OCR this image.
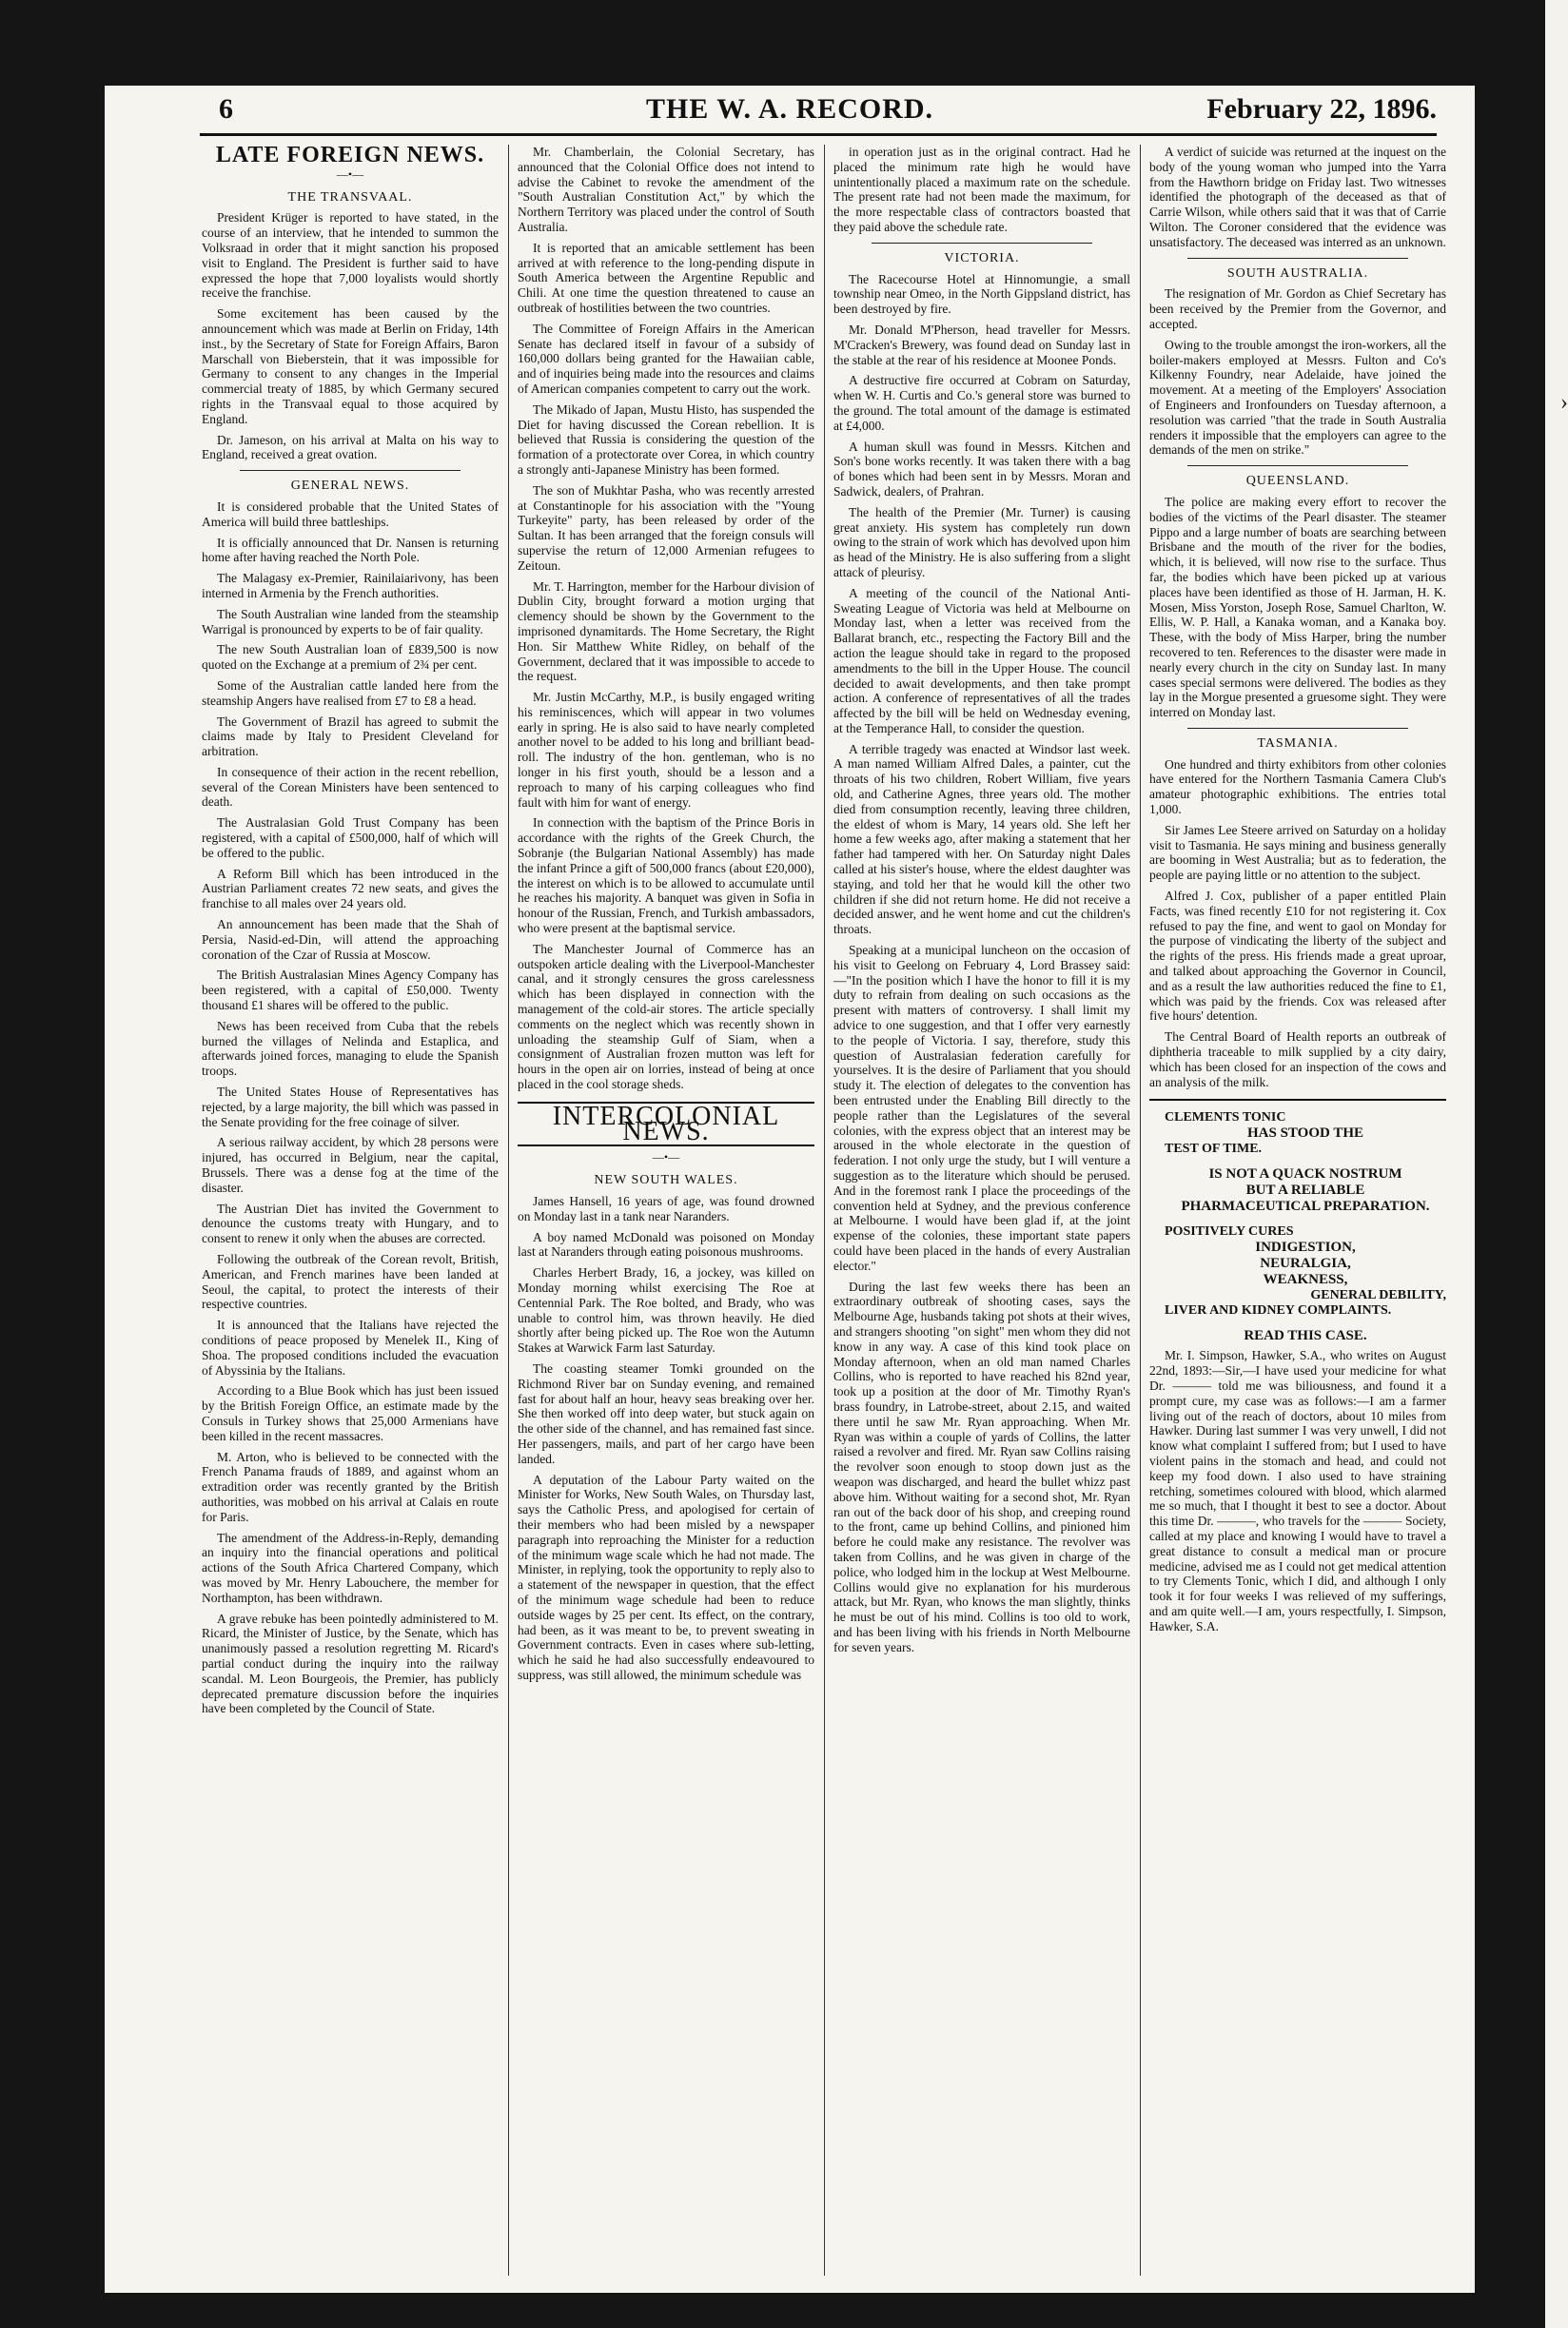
6	THE W. A. RECORD.	February 22, 1896.
LATE FOREIGN NEWS.
—•—
THE TRANSVAAL.

President Krüger is reported to have stated, in the course of an interview, that he intended to summon the Volksraad in order that it might sanction his proposed visit to England. The President is further said to have expressed the hope that 7,000 loyalists would shortly receive the franchise.

Some excitement has been caused by the announcement which was made at Berlin on Friday, 14th inst., by the Secretary of State for Foreign Affairs, Baron Marschall von Bieberstein, that it was impossible for Germany to consent to any changes in the Imperial commercial treaty of 1885, by which Germany secured rights in the Transvaal equal to those acquired by England.

Dr. Jameson, on his arrival at Malta on his way to England, received a great ovation.

GENERAL NEWS.

It is considered probable that the United States of America will build three battleships.

It is officially announced that Dr. Nansen is returning home after having reached the North Pole.

The Malagasy ex-Premier, Rainilaiarivony, has been interned in Armenia by the French authorities.

The South Australian wine landed from the steamship Warrigal is pronounced by experts to be of fair quality.

The new South Australian loan of £839,500 is now quoted on the Exchange at a premium of 2¾ per cent.

Some of the Australian cattle landed here from the steamship Angers have realised from £7 to £8 a head.

The Government of Brazil has agreed to submit the claims made by Italy to President Cleveland for arbitration.

In consequence of their action in the recent rebellion, several of the Corean Ministers have been sentenced to death.

The Australasian Gold Trust Company has been registered, with a capital of £500,000, half of which will be offered to the public.

A Reform Bill which has been introduced in the Austrian Parliament creates 72 new seats, and gives the franchise to all males over 24 years old.

An announcement has been made that the Shah of Persia, Nasid-ed-Din, will attend the approaching coronation of the Czar of Russia at Moscow.

The British Australasian Mines Agency Company has been registered, with a capital of £50,000. Twenty thousand £1 shares will be offered to the public.

News has been received from Cuba that the rebels burned the villages of Nelinda and Estaplica, and afterwards joined forces, managing to elude the Spanish troops.

The United States House of Representatives has rejected, by a large majority, the bill which was passed in the Senate providing for the free coinage of silver.

A serious railway accident, by which 28 persons were injured, has occurred in Belgium, near the capital, Brussels. There was a dense fog at the time of the disaster.

The Austrian Diet has invited the Government to denounce the customs treaty with Hungary, and to consent to renew it only when the abuses are corrected.

Following the outbreak of the Corean revolt, British, American, and French marines have been landed at Seoul, the capital, to protect the interests of their respective countries.

It is announced that the Italians have rejected the conditions of peace proposed by Menelek II., King of Shoa. The proposed conditions included the evacuation of Abyssinia by the Italians.

According to a Blue Book which has just been issued by the British Foreign Office, an estimate made by the Consuls in Turkey shows that 25,000 Armenians have been killed in the recent massacres.

M. Arton, who is believed to be connected with the French Panama frauds of 1889, and against whom an extradition order was recently granted by the British authorities, was mobbed on his arrival at Calais en route for Paris.

The amendment of the Address-in-Reply, demanding an inquiry into the financial operations and political actions of the South Africa Chartered Company, which was moved by Mr. Henry Labouchere, the member for Northampton, has been withdrawn.

A grave rebuke has been pointedly administered to M. Ricard, the Minister of Justice, by the Senate, which has unanimously passed a resolution regretting M. Ricard's partial conduct during the inquiry into the railway scandal. M. Leon Bourgeois, the Premier, has publicly deprecated premature discussion before the inquiries have been completed by the Council of State.

Mr. Chamberlain, the Colonial Secretary, has announced that the Colonial Office does not intend to advise the Cabinet to revoke the amendment of the "South Australian Constitution Act," by which the Northern Territory was placed under the control of South Australia.

It is reported that an amicable settlement has been arrived at with reference to the long-pending dispute in South America between the Argentine Republic and Chili. At one time the question threatened to cause an outbreak of hostilities between the two countries.

The Committee of Foreign Affairs in the American Senate has declared itself in favour of a subsidy of 160,000 dollars being granted for the Hawaiian cable, and of inquiries being made into the resources and claims of American companies competent to carry out the work.

The Mikado of Japan, Mustu Histo, has suspended the Diet for having discussed the Corean rebellion. It is believed that Russia is considering the question of the formation of a protectorate over Corea, in which country a strongly anti-Japanese Ministry has been formed.

The son of Mukhtar Pasha, who was recently arrested at Constantinople for his association with the "Young Turkeyite" party, has been released by order of the Sultan. It has been arranged that the foreign consuls will supervise the return of 12,000 Armenian refugees to Zeitoun.

Mr. T. Harrington, member for the Harbour division of Dublin City, brought forward a motion urging that clemency should be shown by the Government to the imprisoned dynamitards. The Home Secretary, the Right Hon. Sir Matthew White Ridley, on behalf of the Government, declared that it was impossible to accede to the request.

Mr. Justin McCarthy, M.P., is busily engaged writing his reminiscences, which will appear in two volumes early in spring. He is also said to have nearly completed another novel to be added to his long and brilliant bead-roll. The industry of the hon. gentleman, who is no longer in his first youth, should be a lesson and a reproach to many of his carping colleagues who find fault with him for want of energy.

In connection with the baptism of the Prince Boris in accordance with the rights of the Greek Church, the Sobranje (the Bulgarian National Assembly) has made the infant Prince a gift of 500,000 francs (about £20,000), the interest on which is to be allowed to accumulate until he reaches his majority. A banquet was given in Sofia in honour of the Russian, French, and Turkish ambassadors, who were present at the baptismal service.

The Manchester Journal of Commerce has an outspoken article dealing with the Liverpool-Manchester canal, and it strongly censures the gross carelessness which has been displayed in connection with the management of the cold-air stores. The article specially comments on the neglect which was recently shown in unloading the steamship Gulf of Siam, when a consignment of Australian frozen mutton was left for hours in the open air on lorries, instead of being at once placed in the cool storage sheds.

INTERCOLONIAL NEWS.
—•—
NEW SOUTH WALES.

James Hansell, 16 years of age, was found drowned on Monday last in a tank near Naranders.

A boy named McDonald was poisoned on Monday last at Naranders through eating poisonous mushrooms.

Charles Herbert Brady, 16, a jockey, was killed on Monday morning whilst exercising The Roe at Centennial Park. The Roe bolted, and Brady, who was unable to control him, was thrown heavily. He died shortly after being picked up. The Roe won the Autumn Stakes at Warwick Farm last Saturday.

The coasting steamer Tomki grounded on the Richmond River bar on Sunday evening, and remained fast for about half an hour, heavy seas breaking over her. She then worked off into deep water, but stuck again on the other side of the channel, and has remained fast since. Her passengers, mails, and part of her cargo have been landed.

A deputation of the Labour Party waited on the Minister for Works, New South Wales, on Thursday last, says the Catholic Press, and apologised for certain of their members who had been misled by a newspaper paragraph into reproaching the Minister for a reduction of the minimum wage scale which he had not made. The Minister, in replying, took the opportunity to reply also to a statement of the newspaper in question, that the effect of the minimum wage schedule had been to reduce outside wages by 25 per cent. Its effect, on the contrary, had been, as it was meant to be, to prevent sweating in Government contracts. Even in cases where sub-letting, which he said he had also successfully endeavoured to suppress, was still allowed, the minimum schedule was

in operation just as in the original contract. Had he placed the minimum rate high he would have unintentionally placed a maximum rate on the schedule. The present rate had not been made the maximum, for the more respectable class of contractors boasted that they paid above the schedule rate.

VICTORIA.

The Racecourse Hotel at Hinnomungie, a small township near Omeo, in the North Gippsland district, has been destroyed by fire.

Mr. Donald M'Pherson, head traveller for Messrs. M'Cracken's Brewery, was found dead on Sunday last in the stable at the rear of his residence at Moonee Ponds.

A destructive fire occurred at Cobram on Saturday, when W. H. Curtis and Co.'s general store was burned to the ground. The total amount of the damage is estimated at £4,000.

A human skull was found in Messrs. Kitchen and Son's bone works recently. It was taken there with a bag of bones which had been sent in by Messrs. Moran and Sadwick, dealers, of Prahran.

The health of the Premier (Mr. Turner) is causing great anxiety. His system has completely run down owing to the strain of work which has devolved upon him as head of the Ministry. He is also suffering from a slight attack of pleurisy.

A meeting of the council of the National Anti-Sweating League of Victoria was held at Melbourne on Monday last, when a letter was received from the Ballarat branch, etc., respecting the Factory Bill and the action the league should take in regard to the proposed amendments to the bill in the Upper House. The council decided to await developments, and then take prompt action. A conference of representatives of all the trades affected by the bill will be held on Wednesday evening, at the Temperance Hall, to consider the question.

A terrible tragedy was enacted at Windsor last week. A man named William Alfred Dales, a painter, cut the throats of his two children, Robert William, five years old, and Catherine Agnes, three years old. The mother died from consumption recently, leaving three children, the eldest of whom is Mary, 14 years old. She left her home a few weeks ago, after making a statement that her father had tampered with her. On Saturday night Dales called at his sister's house, where the eldest daughter was staying, and told her that he would kill the other two children if she did not return home. He did not receive a decided answer, and he went home and cut the children's throats.

Speaking at a municipal luncheon on the occasion of his visit to Geelong on February 4, Lord Brassey said:—"In the position which I have the honor to fill it is my duty to refrain from dealing on such occasions as the present with matters of controversy. I shall limit my advice to one suggestion, and that I offer very earnestly to the people of Victoria. I say, therefore, study this question of Australasian federation carefully for yourselves. It is the desire of Parliament that you should study it. The election of delegates to the convention has been entrusted under the Enabling Bill directly to the people rather than the Legislatures of the several colonies, with the express object that an interest may be aroused in the whole electorate in the question of federation. I not only urge the study, but I will venture a suggestion as to the literature which should be perused. And in the foremost rank I place the proceedings of the convention held at Sydney, and the previous conference at Melbourne. I would have been glad if, at the joint expense of the colonies, these important state papers could have been placed in the hands of every Australian elector."

During the last few weeks there has been an extraordinary outbreak of shooting cases, says the Melbourne Age, husbands taking pot shots at their wives, and strangers shooting "on sight" men whom they did not know in any way. A case of this kind took place on Monday afternoon, when an old man named Charles Collins, who is reported to have reached his 82nd year, took up a position at the door of Mr. Timothy Ryan's brass foundry, in Latrobe-street, about 2.15, and waited there until he saw Mr. Ryan approaching. When Mr. Ryan was within a couple of yards of Collins, the latter raised a revolver and fired. Mr. Ryan saw Collins raising the revolver soon enough to stoop down just as the weapon was discharged, and heard the bullet whizz past above him. Without waiting for a second shot, Mr. Ryan ran out of the back door of his shop, and creeping round to the front, came up behind Collins, and pinioned him before he could make any resistance. The revolver was taken from Collins, and he was given in charge of the police, who lodged him in the lockup at West Melbourne. Collins would give no explanation for his murderous attack, but Mr. Ryan, who knows the man slightly, thinks he must be out of his mind. Collins is too old to work, and has been living with his friends in North Melbourne for seven years.

A verdict of suicide was returned at the inquest on the body of the young woman who jumped into the Yarra from the Hawthorn bridge on Friday last. Two witnesses identified the photograph of the deceased as that of Carrie Wilson, while others said that it was that of Carrie Wilton. The Coroner considered that the evidence was unsatisfactory. The deceased was interred as an unknown.

SOUTH AUSTRALIA.

The resignation of Mr. Gordon as Chief Secretary has been received by the Premier from the Governor, and accepted.

Owing to the trouble amongst the iron-workers, all the boiler-makers employed at Messrs. Fulton and Co's Kilkenny Foundry, near Adelaide, have joined the movement. At a meeting of the Employers' Association of Engineers and Ironfounders on Tuesday afternoon, a resolution was carried "that the trade in South Australia renders it impossible that the employers can agree to the demands of the men on strike."

QUEENSLAND.

The police are making every effort to recover the bodies of the victims of the Pearl disaster. The steamer Pippo and a large number of boats are searching between Brisbane and the mouth of the river for the bodies, which, it is believed, will now rise to the surface. Thus far, the bodies which have been picked up at various places have been identified as those of H. Jarman, H. K. Mosen, Miss Yorston, Joseph Rose, Samuel Charlton, W. Ellis, W. P. Hall, a Kanaka woman, and a Kanaka boy. These, with the body of Miss Harper, bring the number recovered to ten. References to the disaster were made in nearly every church in the city on Sunday last. In many cases special sermons were delivered. The bodies as they lay in the Morgue presented a gruesome sight. They were interred on Monday last.

TASMANIA.

One hundred and thirty exhibitors from other colonies have entered for the Northern Tasmania Camera Club's amateur photographic exhibitions. The entries total 1,000.

Sir James Lee Steere arrived on Saturday on a holiday visit to Tasmania. He says mining and business generally are booming in West Australia; but as to federation, the people are paying little or no attention to the subject.

Alfred J. Cox, publisher of a paper entitled Plain Facts, was fined recently £10 for not registering it. Cox refused to pay the fine, and went to gaol on Monday for the purpose of vindicating the liberty of the subject and the rights of the press. His friends made a great uproar, and talked about approaching the Governor in Council, and as a result the law authorities reduced the fine to £1, which was paid by the friends. Cox was released after five hours' detention.

The Central Board of Health reports an outbreak of diphtheria traceable to milk supplied by a city dairy, which has been closed for an inspection of the cows and an analysis of the milk.

CLEMENTS TONIC

HAS STOOD THE

TEST OF TIME.

IS NOT A QUACK NOSTRUM

BUT A RELIABLE

PHARMACEUTICAL PREPARATION.

POSITIVELY CURES

INDIGESTION,

NEURALGIA,

WEAKNESS,

GENERAL DEBILITY,

LIVER AND KIDNEY COMPLAINTS.

READ THIS CASE.

Mr. I. Simpson, Hawker, S.A., who writes on August 22nd, 1893:—Sir,—I have used your medicine for what Dr. ——— told me was biliousness, and found it a prompt cure, my case was as follows:—I am a farmer living out of the reach of doctors, about 10 miles from Hawker. During last summer I was very unwell, I did not know what complaint I suffered from; but I used to have violent pains in the stomach and head, and could not keep my food down. I also used to have straining retching, sometimes coloured with blood, which alarmed me so much, that I thought it best to see a doctor. About this time Dr. ———, who travels for the ——— Society, called at my place and knowing I would have to travel a great distance to consult a medical man or procure medicine, advised me as I could not get medical attention to try Clements Tonic, which I did, and although I only took it for four weeks I was relieved of my sufferings, and am quite well.—I am, yours respectfully, I. Simpson, Hawker, S.A.

›
